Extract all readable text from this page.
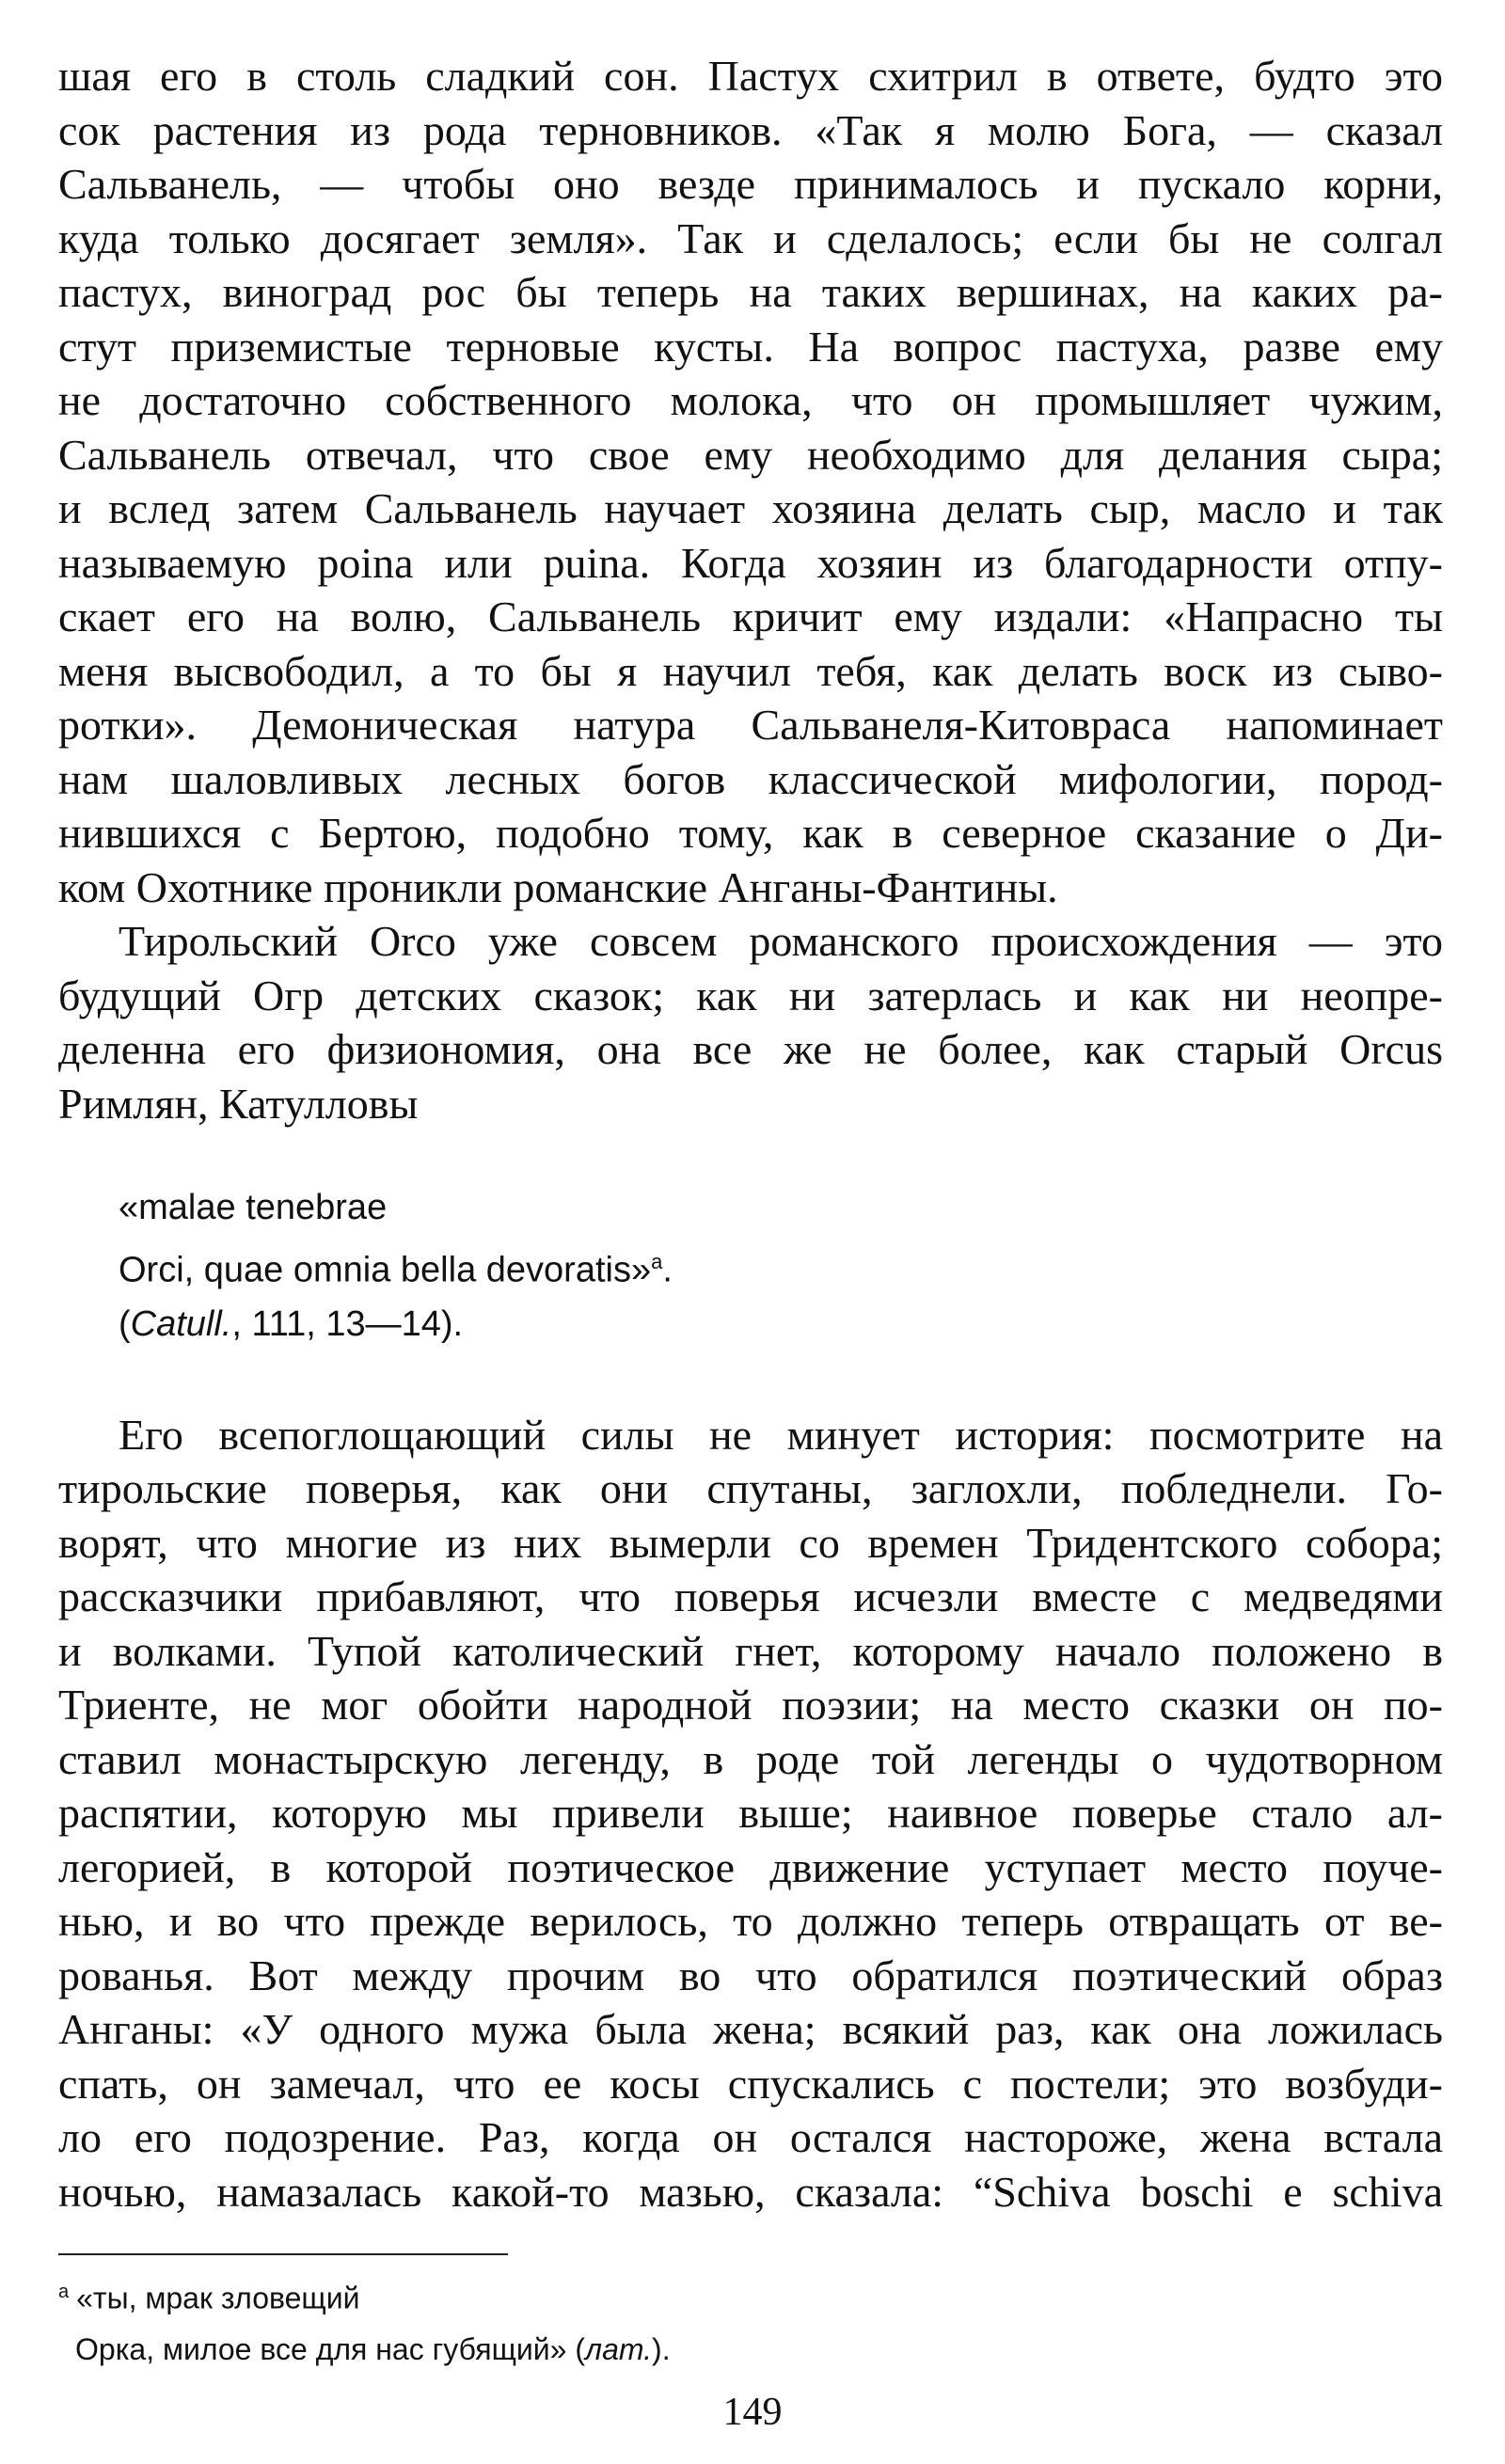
шая его в столь сладкий сон. Пастух схитрил в ответе, будто это
сок растения из рода терновников. «Так я молю Бога, — сказал
Сальванель, — чтобы оно везде принималось и пускало корни,
куда только досягает земля». Так и сделалось; если бы не солгал
пастух, виноград рос бы теперь на таких вершинах, на каких ра-
стут приземистые терновые кусты. На вопрос пастуха, разве ему
не достаточно собственного молока, что он промышляет чужим,
Сальванель отвечал, что свое ему необходимо для делания сыра;
и вслед затем Сальванель научает хозяина делать сыр, масло и так
называемую poina или puina. Когда хозяин из благодарности отпу-
скает его на волю, Сальванель кричит ему издали: «Напрасно ты
меня высвободил, а то бы я научил тебя, как делать воск из сыво-
ротки». Демоническая натура Сальванеля-Китовраса напоминает
нам шаловливых лесных богов классической мифологии, пород-
нившихся с Бертою, подобно тому, как в северное сказание о Ди-
ком Охотнике проникли романские Анганы-Фантины.

Тирольский Orco уже совсем романского происхождения — это
будущий Огр детских сказок; как ни затерлась и как ни неопре-
деленна его физиономия, она все же не более, как старый Orcus
Римлян, Катулловы

«malae tenebrae
Orci, quae omnia bella devoratis»$^a$.
(Catull., 111, 13—14).

Его всепоглощающий силы не минует история: посмотрите на
тирольские поверья, как они спутаны, заглохли, побледнели. Го-
ворят, что многие из них вымерли со времен Тридентского собора;
рассказчики прибавляют, что поверья исчезли вместе с медведями
и волками. Тупой католический гнет, которому начало положено в
Триенте, не мог обойти народной поэзии; на место сказки он по-
ставил монастырскую легенду, в роде той легенды о чудотворном
распятии, которую мы привели выше; наивное поверье стало ал-
легорией, в которой поэтическое движение уступает место поуче-
нью, и во что прежде верилось, то должно теперь отвращать от ве-
рованья. Вот между прочим во что обратился поэтический образ
Анганы: «У одного мужа была жена; всякий раз, как она ложилась
спать, он замечал, что ее косы спускались с постели; это возбуди-
ло его подозрение. Раз, когда он остался настороже, жена встала
ночью, намазалась какой-то мазью, сказала: “Schiva boschi e schiva

$^a$ «ты, мрак зловещий
Орка, милое все для нас губящий» (лат.).
149
